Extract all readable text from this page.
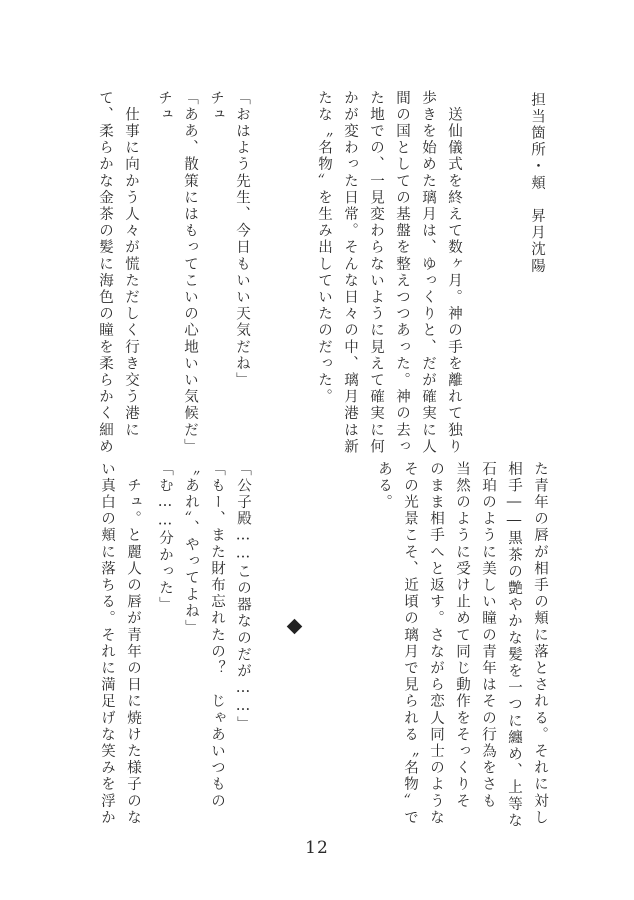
担当箇所・頬　昇月沈陽
　送仙儀式を終えて数ヶ月。神の手を離れて独り
歩きを始めた璃月は、ゆっくりと、だが確実に人
間の国としての基盤を整えつつあった。神の去っ
た地での、一見変わらないように見えて確実に何
かが変わった日常。そんな日々の中、璃月港は新
たな〝名物〟を生み出していたのだった。
「おはよう先生、今日もいい天気だね」
チュ
「ああ、散策にはもってこいの心地いい気候だ」
チュ
　仕事に向かう人々が慌ただしく行き交う港に
て、柔らかな金茶の髪に海色の瞳を柔らかく細め
た青年の唇が相手の頬に落とされる。それに対し
相手――黒茶の艶やかな髪を一つに纏め、上等な
石珀のように美しい瞳の青年はその行為をさも
当然のように受け止めて同じ動作をそっくりそ
のまま相手へと返す。さながら恋人同士のような
その光景こそ、近頃の璃月で見られる〝名物〟で
ある。
「公子殿……この器なのだが……」
「もー、また財布忘れたの？　じゃあいつもの
〝あれ〟、やってよね」
「む……分かった」
　チュ。と麗人の唇が青年の日に焼けた様子のな
い真白の頬に落ちる。それに満足げな笑みを浮か
12
